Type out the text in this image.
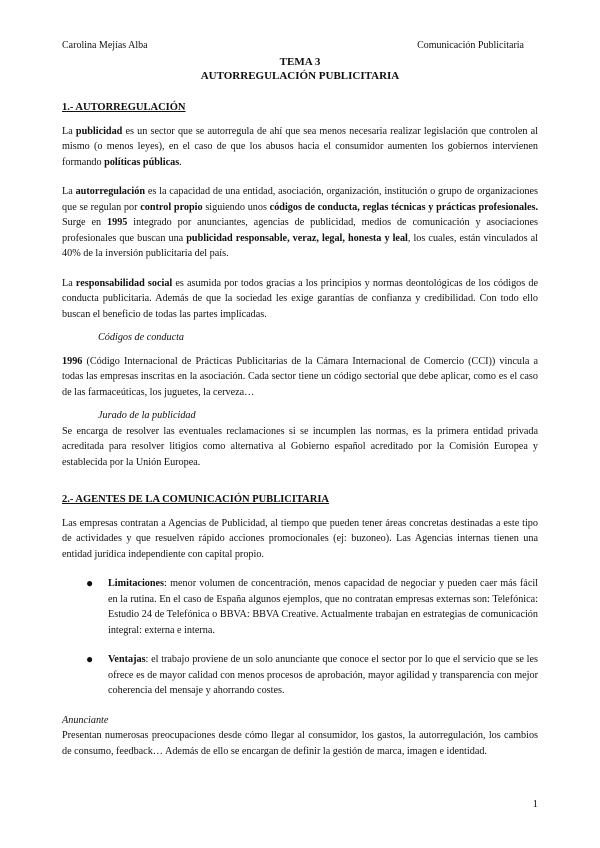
Carolina Mejías Alba	Comunicación Publicitaria
TEMA 3
AUTORREGULACIÓN PUBLICITARIA

1.- AUTORREGULACIÓN

La publicidad es un sector que se autorregula de ahí que sea menos necesaria realizar legislación que controlen al mismo (o menos leyes), en el caso de que los abusos hacia el consumidor aumenten los gobiernos intervienen formando políticas públicas.

La autorregulación es la capacidad de una entidad, asociación, organización, institución o grupo de organizaciones que se regulan por control propio siguiendo unos códigos de conducta, reglas técnicas y prácticas profesionales. Surge en 1995 integrado por anunciantes, agencias de publicidad, medios de comunicación y asociaciones profesionales que buscan una publicidad responsable, veraz, legal, honesta y leal, los cuales, están vinculados al 40% de la inversión publicitaria del país.

La responsabilidad social es asumida por todos gracias a los principios y normas deontológicas de los códigos de conducta publicitaria. Además de que la sociedad les exige garantías de confianza y credibilidad. Con todo ello buscan el beneficio de todas las partes implicadas.

Códigos de conducta

1996 (Código Internacional de Prácticas Publicitarias de la Cámara Internacional de Comercio (CCI)) vincula a todas las empresas inscritas en la asociación. Cada sector tiene un código sectorial que debe aplicar, como es el caso de las farmaceúticas, los juguetes, la cerveza…

Jurado de la publicidad

Se encarga de resolver las eventuales reclamaciones si se incumplen las normas, es la primera entidad privada acreditada para resolver litigios como alternativa al Gobierno español acreditado por la Comisión Europea y establecida por la Unión Europea.

2.- AGENTES DE LA COMUNICACIÓN PUBLICITARIA

Las empresas contratan a Agencias de Publicidad, al tiempo que pueden tener áreas concretas destinadas a este tipo de actividades y que resuelven rápido acciones promocionales (ej: buzoneo). Las Agencias internas tienen una entidad jurídica independiente con capital propio.

● Limitaciones: menor volumen de concentración, menos capacidad de negociar y pueden caer más fácil en la rutina. En el caso de España algunos ejemplos, que no contratan empresas externas son: Telefónica: Estudio 24 de Telefónica o BBVA: BBVA Creative. Actualmente trabajan en estrategias de comunicación integral: externa e interna.
● Ventajas: el trabajo proviene de un solo anunciante que conoce el sector por lo que el servicio que se les ofrece es de mayor calidad con menos procesos de aprobación, mayor agilidad y transparencia con mejor coherencia del mensaje y ahorrando costes.

Anunciante

Presentan numerosas preocupaciones desde cómo llegar al consumidor, los gastos, la autorregulación, los cambios de consumo, feedback… Además de ello se encargan de definir la gestión de marca, imagen e identidad.

1
